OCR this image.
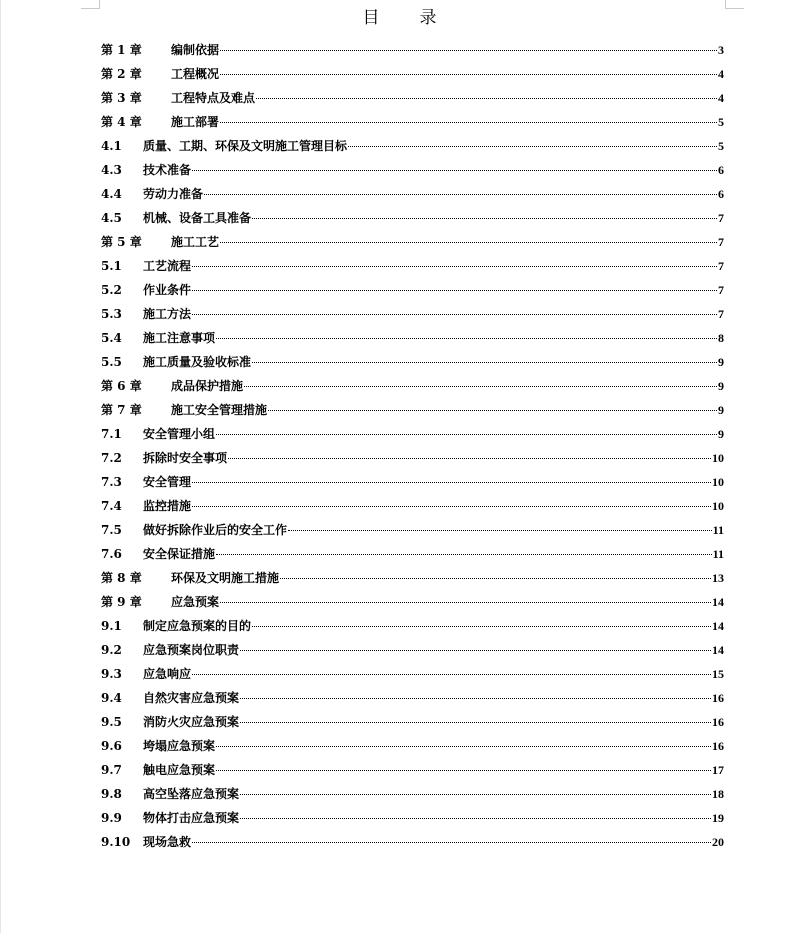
目 录
第 1 章	编制依据	3
第 2 章	工程概况	4
第 3 章	工程特点及难点	4
第 4 章	施工部署	5
4.1	质量、工期、环保及文明施工管理目标	5
4.3	技术准备	6
4.4	劳动力准备	6
4.5	机械、设备工具准备	7
第 5 章	施工工艺	7
5.1	工艺流程	7
5.2	作业条件	7
5.3	施工方法	7
5.4	施工注意事项	8
5.5	施工质量及验收标准	9
第 6 章	成品保护措施	9
第 7 章	施工安全管理措施	9
7.1	安全管理小组	9
7.2	拆除时安全事项	10
7.3	安全管理	10
7.4	监控措施	10
7.5	做好拆除作业后的安全工作	11
7.6	安全保证措施	11
第 8 章	环保及文明施工措施	13
第 9 章	应急预案	14
9.1	制定应急预案的目的	14
9.2	应急预案岗位职责	14
9.3	应急响应	15
9.4	自然灾害应急预案	16
9.5	消防火灾应急预案	16
9.6	垮塌应急预案	16
9.7	触电应急预案	17
9.8	高空坠落应急预案	18
9.9	物体打击应急预案	19
9.10	现场急救	20
